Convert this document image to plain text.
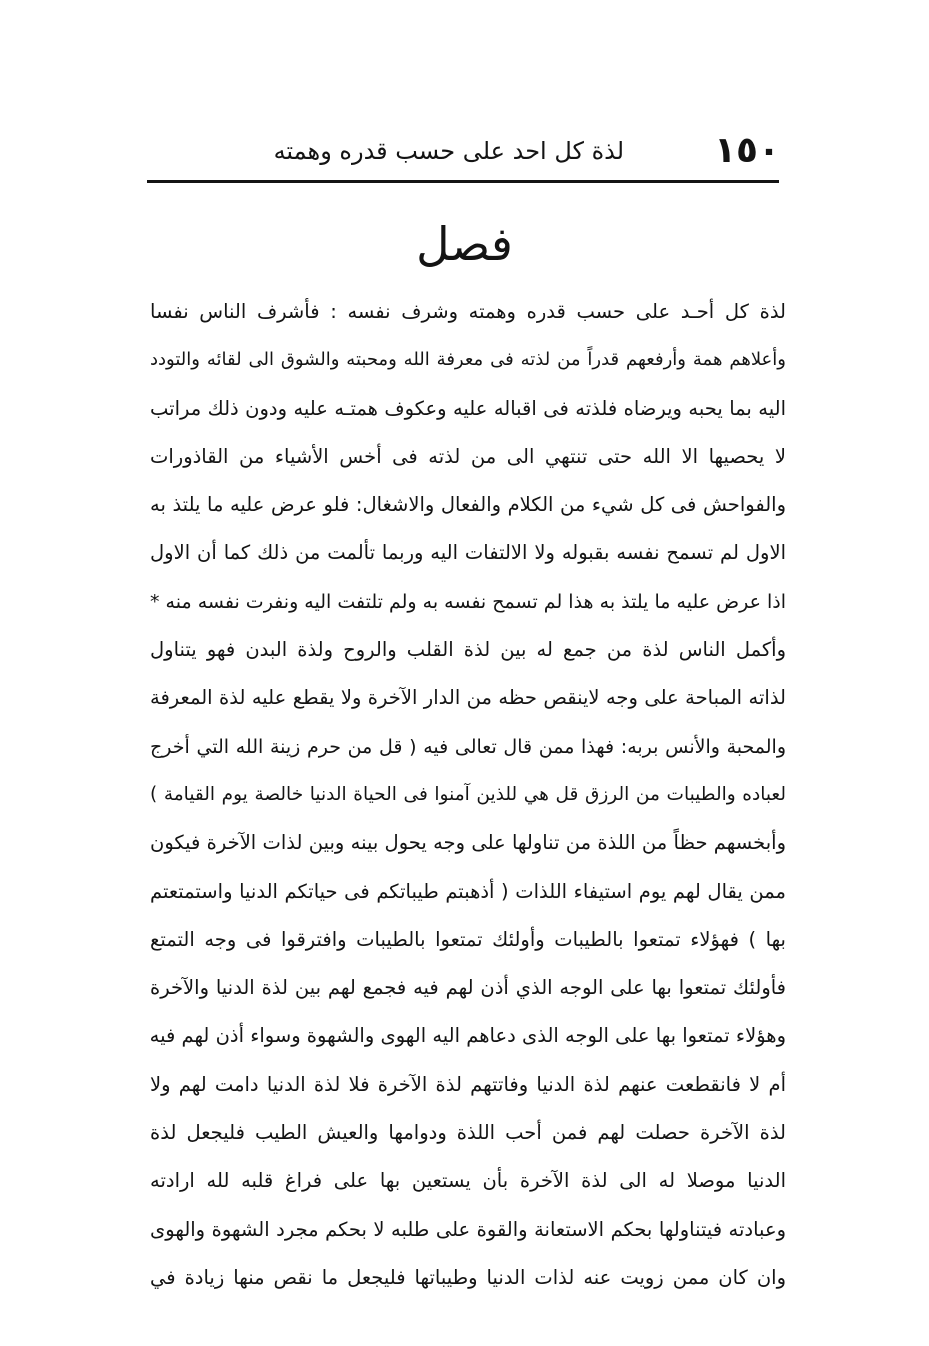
١٥٠
لذة كل احد على حسب قدره وهمته
فصل
لذة كل أحـد على حسب قدره وهمته وشرف نفسه : فأشرف الناس نفسا
وأعلاهم همة وأرفعهم قدراً من لذته فى معرفة الله ومحبته والشوق الى لقائه والتودد
اليه بما يحبه ويرضاه فلذته فى اقباله عليه وعكوف همتـه عليه ودون ذلك مراتب
لا يحصيها الا الله حتى تنتهي الى من لذته فى أخس الأشياء من القاذورات
والفواحش فى كل شيء من الكلام والفعال والاشغال: فلو عرض عليه ما يلتذ به
الاول لم تسمح نفسه بقبوله ولا الالتفات اليه وربما تألمت من ذلك كما أن الاول
اذا عرض عليه ما يلتذ به هذا لم تسمح نفسه به ولم تلتفت اليه ونفرت نفسه منه *
وأكمل الناس لذة من جمع له بين لذة القلب والروح ولذة البدن فهو يتناول
لذاته المباحة على وجه لاينقص حظه من الدار الآخرة ولا يقطع عليه لذة المعرفة
والمحبة والأنس بربه: فهذا ممن قال تعالى فيه ( قل من حرم زينة الله التي أخرج
لعباده والطيبات من الرزق قل هي للذين آمنوا فى الحياة الدنيا خالصة يوم القيامة )
وأبخسهم حظاً من اللذة من تناولها على وجه يحول بينه وبين لذات الآخرة فيكون
ممن يقال لهم يوم استيفاء اللذات ( أذهبتم طيباتكم فى حياتكم الدنيا واستمتعتم
بها ) فهؤلاء تمتعوا بالطيبات وأولئك تمتعوا بالطيبات وافترقوا فى وجه التمتع
فأولئك تمتعوا بها على الوجه الذي أذن لهم فيه فجمع لهم بين لذة الدنيا والآخرة
وهؤلاء تمتعوا بها على الوجه الذى دعاهم اليه الهوى والشهوة وسواء أذن لهم فيه
أم لا فانقطعت عنهم لذة الدنيا وفاتتهم لذة الآخرة فلا لذة الدنيا دامت لهم ولا
لذة الآخرة حصلت لهم فمن أحب اللذة ودوامها والعيش الطيب فليجعل لذة
الدنيا موصلا له الى لذة الآخرة بأن يستعين بها على فراغ قلبه لله ارادته
وعبادته فيتناولها بحكم الاستعانة والقوة على طلبه لا بحكم مجرد الشهوة والهوى
وان كان ممن زويت عنه لذات الدنيا وطيباتها فليجعل ما نقص منها زيادة في
